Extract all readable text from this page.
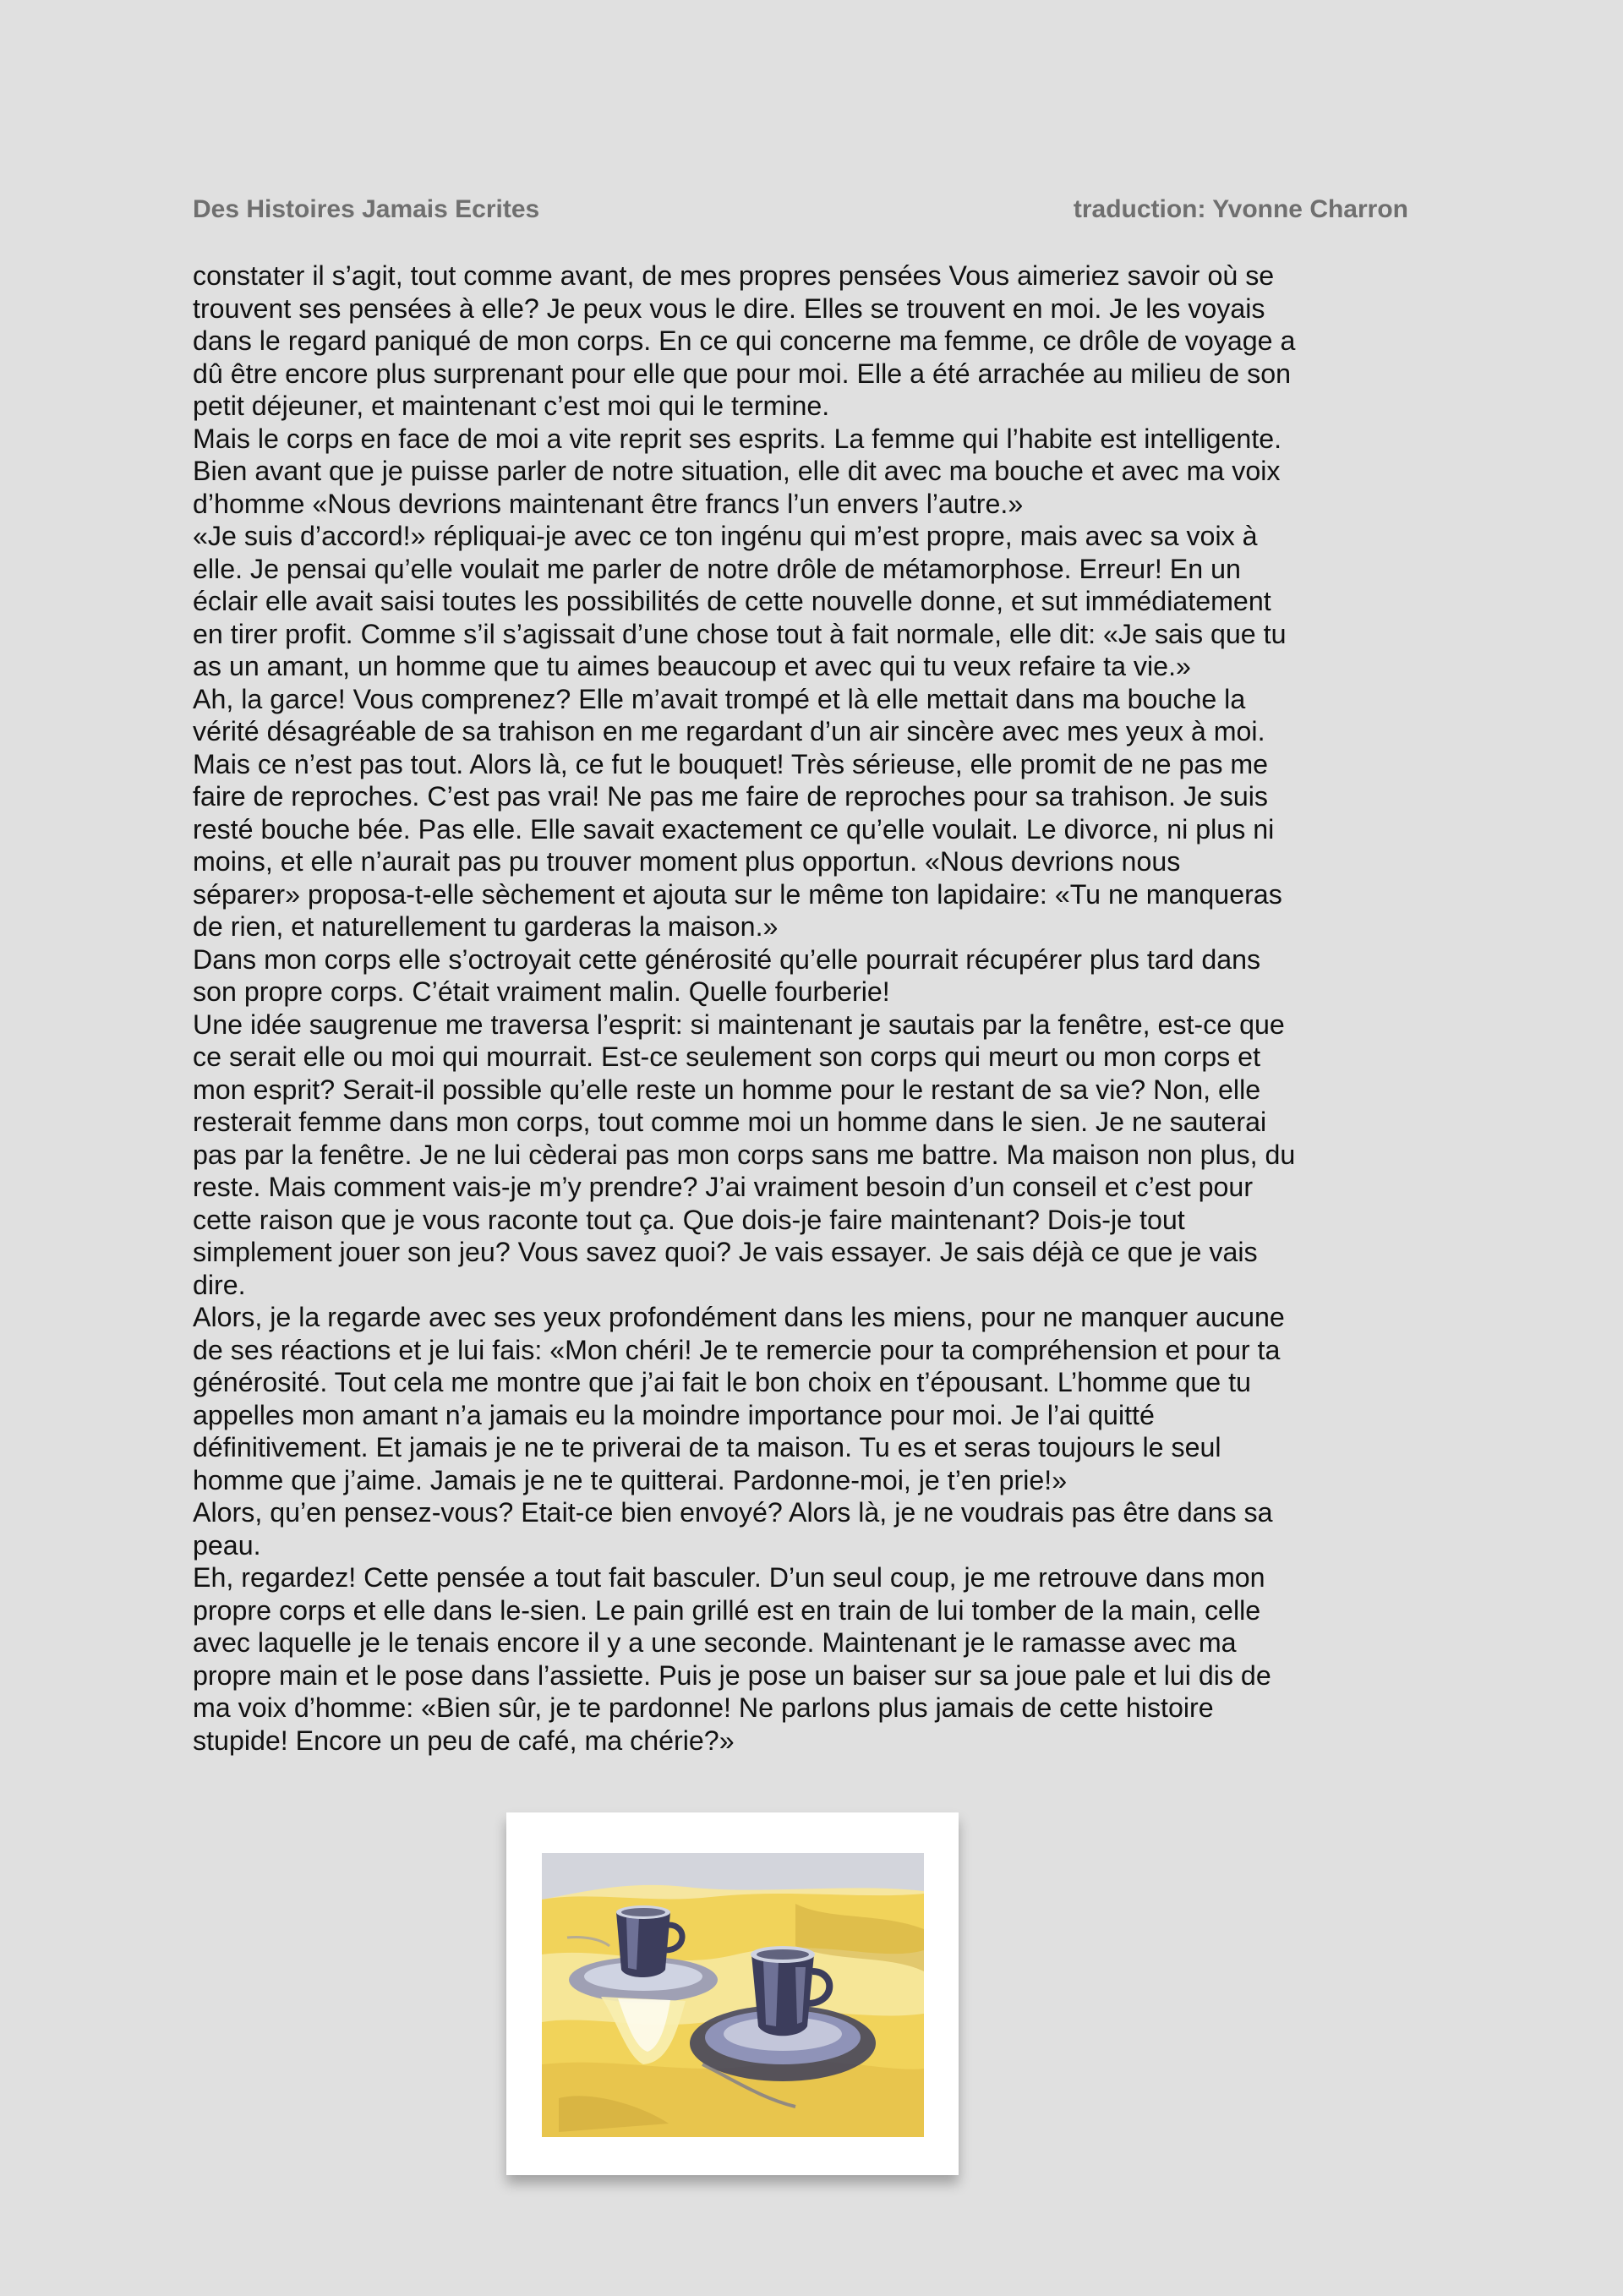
Des Histoires Jamais Ecrites	traduction: Yvonne Charron

constater il s’agit, tout comme avant, de mes propres pensées Vous aimeriez savoir où se
trouvent ses pensées à elle? Je peux vous le dire. Elles se trouvent en moi. Je les voyais
dans le regard paniqué de mon corps. En ce qui concerne ma femme, ce drôle de voyage a
dû être encore plus surprenant pour elle que pour moi. Elle a été arrachée au milieu de son
petit déjeuner, et maintenant c’est moi qui le termine.

Mais le corps en face de moi a vite reprit ses esprits. La femme qui l’habite est intelligente.
Bien avant que je puisse parler de notre situation, elle dit avec ma bouche et avec ma voix
d’homme «Nous devrions maintenant être francs l’un envers l’autre.»

«Je suis d’accord!» répliquai-je avec ce ton ingénu qui m’est propre, mais avec sa voix à
elle. Je pensai qu’elle voulait me parler de notre drôle de métamorphose. Erreur! En un
éclair elle avait saisi toutes les possibilités de cette nouvelle donne, et sut immédiatement
en tirer profit. Comme s’il s’agissait d’une chose tout à fait normale, elle dit: «Je sais que tu
as un amant, un homme que tu aimes beaucoup et avec qui tu veux refaire ta vie.»

Ah, la garce! Vous comprenez? Elle m’avait trompé et là elle mettait dans ma bouche la
vérité désagréable de sa trahison en me regardant d’un air sincère avec mes yeux à moi.
Mais ce n’est pas tout. Alors là, ce fut le bouquet! Très sérieuse, elle promit de ne pas me
faire de reproches. C’est pas vrai! Ne pas me faire de reproches pour sa trahison. Je suis
resté bouche bée. Pas elle. Elle savait exactement ce qu’elle voulait. Le divorce, ni plus ni
moins, et elle n’aurait pas pu trouver moment plus opportun. «Nous devrions nous
séparer» proposa-t-elle sèchement et ajouta sur le même ton lapidaire: «Tu ne manqueras
de rien, et naturellement tu garderas la maison.»

Dans mon corps elle s’octroyait cette générosité qu’elle pourrait récupérer plus tard dans
son propre corps. C’était vraiment malin. Quelle fourberie!

Une idée saugrenue me traversa l’esprit: si maintenant je sautais par la fenêtre, est-ce que
ce serait elle ou moi qui mourrait. Est-ce seulement son corps qui meurt ou mon corps et
mon esprit? Serait-il possible qu’elle reste un homme pour le restant de sa vie? Non, elle
resterait femme dans mon corps, tout comme moi un homme dans le sien. Je ne sauterai
pas par la fenêtre. Je ne lui cèderai pas mon corps sans me battre. Ma maison non plus, du
reste. Mais comment vais-je m’y prendre? J’ai vraiment besoin d’un conseil et c’est pour
cette raison que je vous raconte tout ça. Que dois-je faire maintenant? Dois-je tout
simplement jouer son jeu? Vous savez quoi? Je vais essayer. Je sais déjà ce que je vais
dire.

Alors, je la regarde avec ses yeux profondément dans les miens, pour ne manquer aucune
de ses réactions et je lui fais: «Mon chéri! Je te remercie pour ta compréhension et pour ta
générosité. Tout cela me montre que j’ai fait le bon choix en t’épousant. L’homme que tu
appelles mon amant n’a jamais eu la moindre importance pour moi. Je l’ai quitté
définitivement. Et jamais je ne te priverai de ta maison. Tu es et seras toujours le seul
homme que j’aime. Jamais je ne te quitterai. Pardonne-moi, je t’en prie!»

Alors, qu’en pensez-vous? Etait-ce bien envoyé? Alors là, je ne voudrais pas être dans sa
peau.

Eh, regardez! Cette pensée a tout fait basculer. D’un seul coup, je me retrouve dans mon
propre corps et elle dans le-sien. Le pain grillé est en train de lui tomber de la main, celle
avec laquelle je le tenais encore il y a une seconde. Maintenant je le ramasse avec ma
propre main et le pose dans l’assiette. Puis je pose un baiser sur sa joue pale et lui dis de
ma voix d’homme: «Bien sûr, je te pardonne! Ne parlons plus jamais de cette histoire
stupide! Encore un peu de café, ma chérie?»
